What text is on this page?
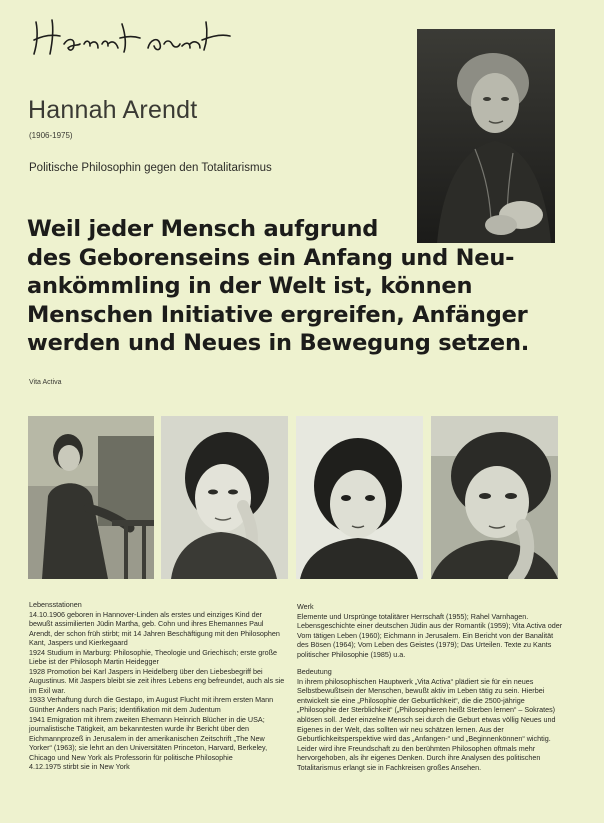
Hannah Arendt
(1906-1975)
Politische Philosophin gegen den Totalitarismus

Weil jeder Mensch aufgrund
des Geborenseins ein Anfang und Neu-
ankömmling in der Welt ist, können
Menschen Initiative ergreifen, Anfänger
werden und Neues in Bewegung setzen.

Vita Activa
Lebensstationen
14.10.1906 geboren in Hannover-Linden als erstes und einziges Kind der bewußt assimilierten Jüdin Martha, geb. Cohn und ihres Ehemannes Paul Arendt, der schon früh stirbt; mit 14 Jahren Beschäftigung mit den Philosophen Kant, Jaspers und Kierkegaard
1924 Studium in Marburg: Philosophie, Theologie und Griechisch; erste große Liebe ist der Philosoph Martin Heidegger
1928 Promotion bei Karl Jaspers in Heidelberg über den Liebesbegriff bei Augustinus. Mit Jaspers bleibt sie zeit ihres Lebens eng befreundet, auch als sie im Exil war.
1933 Verhaftung durch die Gestapo, im August Flucht mit ihrem ersten Mann Günther Anders nach Paris; Identifikation mit dem Judentum
1941 Emigration mit ihrem zweiten Ehemann Heinrich Blücher in die USA; journalistische Tätigkeit, am bekanntesten wurde ihr Bericht über den Eichmannprozeß in Jerusalem in der amerikanischen Zeitschrift „The New Yorker“ (1963); sie lehrt an den Universitäten Princeton, Harvard, Berkeley, Chicago und New York als Professorin für politische Philosophie
4.12.1975 stirbt sie in New York
Werk
Elemente und Ursprünge totalitärer Herrschaft (1955); Rahel Varnhagen. Lebensgeschichte einer deutschen Jüdin aus der Romantik (1959); Vita Activa oder Vom tätigen Leben (1960); Eichmann in Jerusalem. Ein Bericht von der Banalität des Bösen (1964); Vom Leben des Geistes (1979); Das Urteilen. Texte zu Kants politischer Philosophie (1985) u.a.
Bedeutung
In ihrem philosophischen Hauptwerk „Vita Activa“ plädiert sie für ein neues Selbstbewußtsein der Menschen, bewußt aktiv im Leben tätig zu sein. Hierbei entwickelt sie eine „Philosophie der Geburtlichkeit“, die die 2500-jährige „Philosophie der Sterblichkeit“ („Philosophieren heißt Sterben lernen“ – Sokrates) ablösen soll. Jeder einzelne Mensch sei durch die Geburt etwas völlig Neues und Eigenes in der Welt, das sollten wir neu schätzen lernen. Aus der Geburtlichkeitsperspektive wird das „Anfangen-“ und „Beginnenkönnen“ wichtig. Leider wird ihre Freundschaft zu den berühmten Philosophen oftmals mehr hervorgehoben, als ihr eigenes Denken. Durch ihre Analysen des politischen Totalitarismus erlangt sie in Fachkreisen großes Ansehen.
